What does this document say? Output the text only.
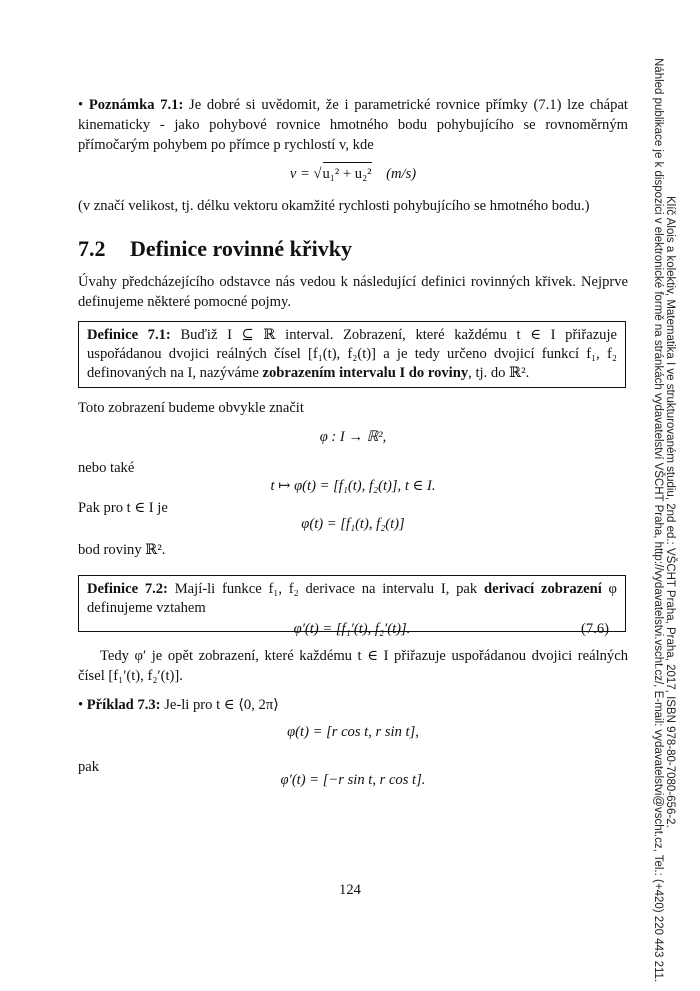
Klíč Alois a kolektiv, Matematika I ve strukturovaném studiu, 2nd ed.: VŠCHT Praha, Praha, 2017, ISBN 978-80-7080-656-2.
Náhled publikace je k dispozici v elektronické formě na stránkách vydavatelství VŠCHT Praha, http://vydavatelstvi.vscht.cz/, E-mail: vydavatelstvi@vscht.cz, Tel.: (+420) 220 443 211.
• Poznámka 7.1: Je dobré si uvědomit, že i parametrické rovnice přímky (7.1) lze chápat kinematicky - jako pohybové rovnice hmotného bodu pohybujícího se rovnoměrným přímočarým pohybem po přímce p rychlostí v, kde
v = √u₁² + u₂² (m/s)
(v značí velikost, tj. délku vektoru okamžité rychlosti pohybujícího se hmotného bodu.)
7.2 Definice rovinné křivky
Úvahy předcházejícího odstavce nás vedou k následující definici rovinných křivek. Nejprve definujeme některé pomocné pojmy.
Definice 7.1: Buďiž I ⊆ ℝ interval. Zobrazení, které každému t ∈ I přiřazuje uspořádanou dvojici reálných čísel [f₁(t), f₂(t)] a je tedy určeno dvojicí funkcí f₁, f₂ definovaných na I, nazýváme zobrazením intervalu I do roviny, tj. do ℝ².
Toto zobrazení budeme obvykle značit
φ : I → ℝ²,
nebo také
t ↦ φ(t) = [f₁(t), f₂(t)], t ∈ I.
Pak pro t ∈ I je
φ(t) = [f₁(t), f₂(t)]
bod roviny ℝ².
Definice 7.2: Mají-li funkce f₁, f₂ derivace na intervalu I, pak derivací zobrazení φ definujeme vztahem
φ′(t) = [f₁′(t), f₂′(t)].	(7.6)
Tedy φ′ je opět zobrazení, které každému t ∈ I přiřazuje uspořádanou dvojici reálných čísel [f₁′(t), f₂′(t)].
• Příklad 7.3: Je-li pro t ∈ ⟨0, 2π⟩
φ(t) = [r cos t, r sin t],
pak
φ′(t) = [−r sin t, r cos t].
124
